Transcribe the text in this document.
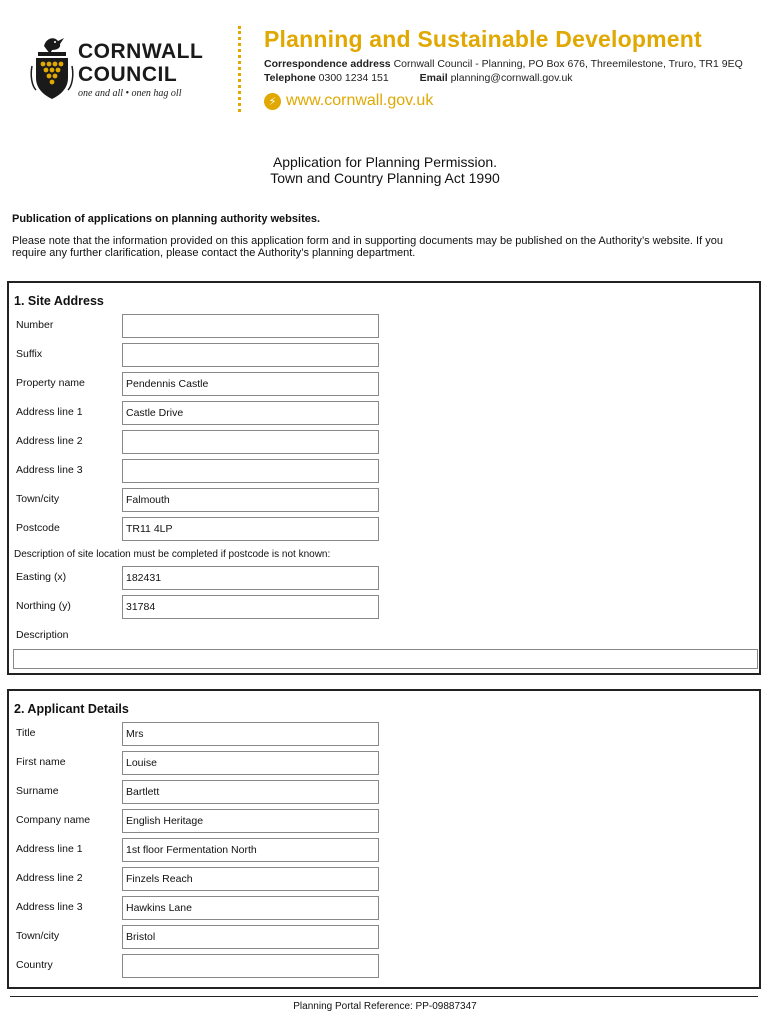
CORNWALL
COUNCIL
one and all • onen hag oll
Planning and Sustainable Development
Correspondence address Cornwall Council - Planning, PO Box 676, Threemilestone, Truro, TR1 9EQ
Telephone 0300 1234 151	Email planning@cornwall.gov.uk
⚡ www.cornwall.gov.uk
Application for Planning Permission.
Town and Country Planning Act 1990
Publication of applications on planning authority websites.
Please note that the information provided on this application form and in supporting documents may be published on the Authority’s website. If you require any further clarification, please contact the Authority’s planning department.
1. Site Address
Number
Suffix
Property name	Pendennis Castle
Address line 1	Castle Drive
Address line 2
Address line 3
Town/city	Falmouth
Postcode	TR11 4LP
Description of site location must be completed if postcode is not known:
Easting (x)	182431
Northing (y)	31784
Description
2. Applicant Details
Title	Mrs
First name	Louise
Surname	Bartlett
Company name	English Heritage
Address line 1	1st floor Fermentation North
Address line 2	Finzels Reach
Address line 3	Hawkins Lane
Town/city	Bristol
Country
Planning Portal Reference: PP-09887347
